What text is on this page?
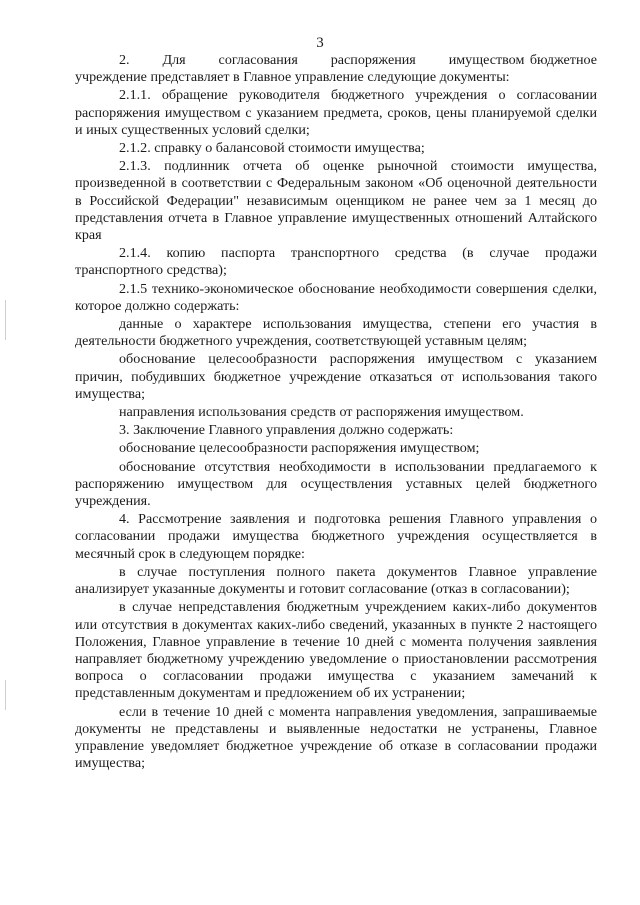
3

2.      Для      согласования      распоряжения      имуществом бюджетное учреждение представляет в Главное управление следующие документы:

2.1.1. обращение руководителя бюджетного учреждения о согласовании распоряжения имуществом с указанием предмета, сроков, цены планируемой сделки и иных существенных условий сделки;

2.1.2. справку о балансовой стоимости имущества;

2.1.3. подлинник отчета об оценке рыночной стоимости имущества, произведенной в соответствии с Федеральным законом «Об оценочной деятельности в Российской Федерации" независимым оценщиком не ранее чем за 1 месяц до представления отчета в Главное управление имущественных отношений Алтайского края

2.1.4. копию паспорта транспортного средства (в случае продажи транспортного средства);

2.1.5 технико-экономическое обоснование необходимости совершения сделки, которое должно содержать:

данные о характере использования имущества, степени его участия в деятельности бюджетного учреждения, соответствующей уставным целям;

обоснование целесообразности распоряжения имуществом с указанием причин, побудивших бюджетное учреждение отказаться от использования такого имущества;

направления использования средств от распоряжения имуществом.

3. Заключение Главного управления должно содержать:

обоснование целесообразности распоряжения имуществом;

обоснование отсутствия необходимости в использовании предлагаемого к распоряжению имуществом для осуществления уставных целей бюджетного учреждения.

4. Рассмотрение заявления и подготовка решения Главного управления о согласовании продажи имущества бюджетного учреждения осуществляется в месячный срок в следующем порядке:

в случае поступления полного пакета документов Главное управление анализирует указанные документы и готовит согласование (отказ в согласовании);

в случае непредставления бюджетным учреждением каких-либо документов или отсутствия в документах каких-либо сведений, указанных в пункте 2 настоящего Положения, Главное управление в течение 10 дней с момента получения заявления направляет бюджетному учреждению уведомление о приостановлении рассмотрения вопроса о согласовании продажи имущества с указанием замечаний к представленным документам и предложением об их устранении;

если в течение 10 дней с момента направления уведомления, запрашиваемые документы не представлены и выявленные недостатки не устранены, Главное управление уведомляет бюджетное учреждение об отказе в согласовании продажи имущества;
